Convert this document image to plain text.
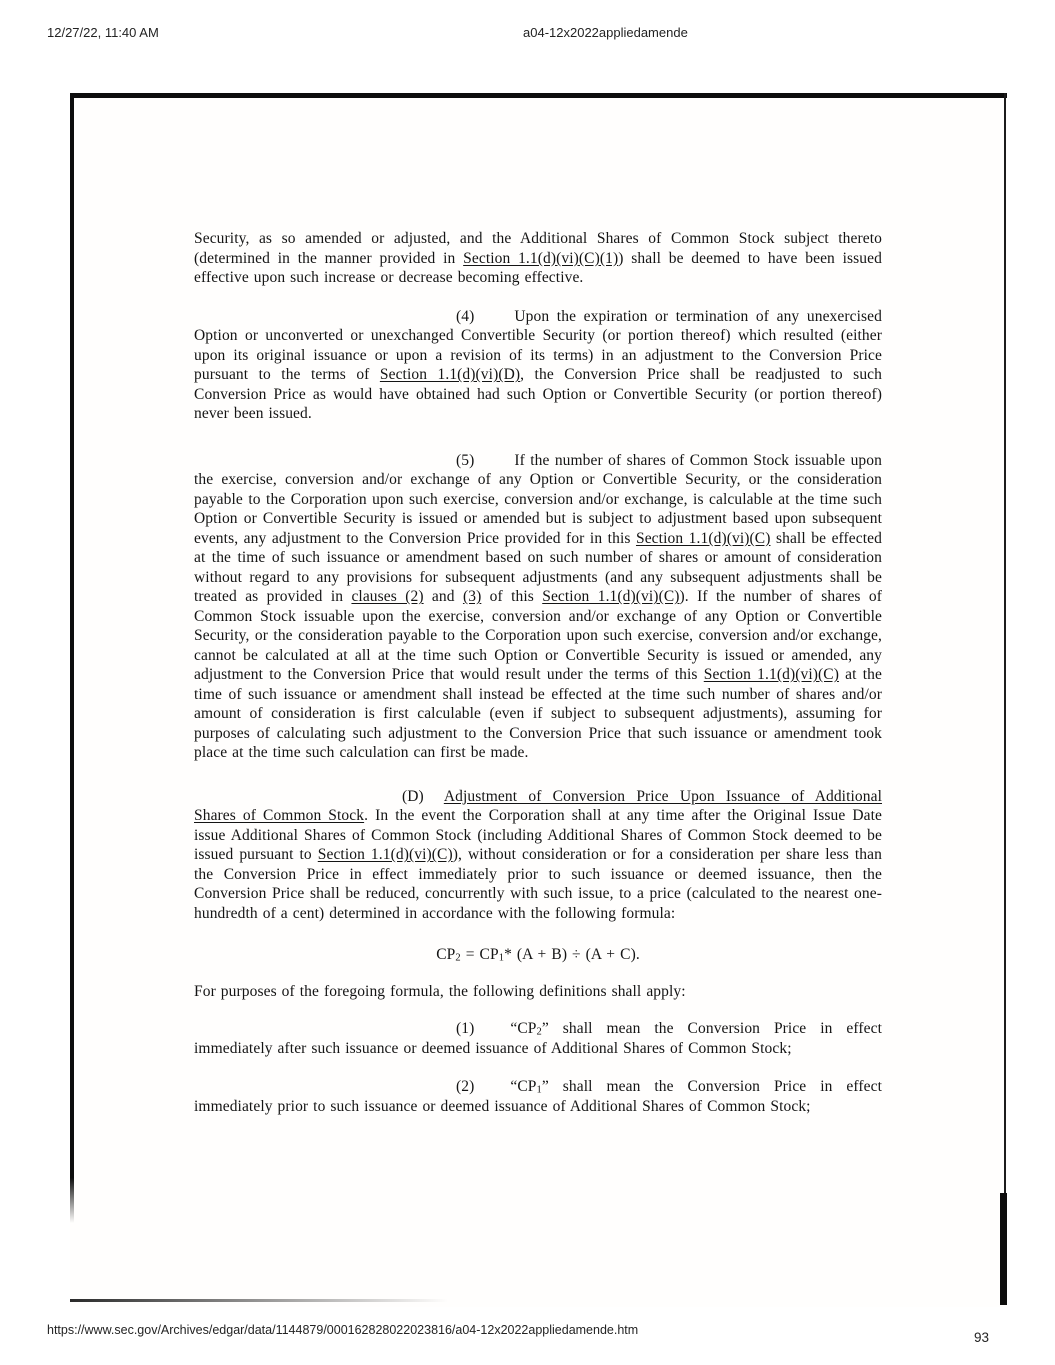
12/27/22, 11:40 AM	a04-12x2022appliedamende

Security, as so amended or adjusted, and the Additional Shares of Common Stock subject thereto (determined in the manner provided in Section 1.1(d)(vi)(C)(1)) shall be deemed to have been issued effective upon such increase or decrease becoming effective.

(4)	Upon the expiration or termination of any unexercised Option or unconverted or unexchanged Convertible Security (or portion thereof) which resulted (either upon its original issuance or upon a revision of its terms) in an adjustment to the Conversion Price pursuant to the terms of Section 1.1(d)(vi)(D), the Conversion Price shall be readjusted to such Conversion Price as would have obtained had such Option or Convertible Security (or portion thereof) never been issued.

(5)	If the number of shares of Common Stock issuable upon the exercise, conversion and/or exchange of any Option or Convertible Security, or the consideration payable to the Corporation upon such exercise, conversion and/or exchange, is calculable at the time such Option or Convertible Security is issued or amended but is subject to adjustment based upon subsequent events, any adjustment to the Conversion Price provided for in this Section 1.1(d)(vi)(C) shall be effected at the time of such issuance or amendment based on such number of shares or amount of consideration without regard to any provisions for subsequent adjustments (and any subsequent adjustments shall be treated as provided in clauses (2) and (3) of this Section 1.1(d)(vi)(C)). If the number of shares of Common Stock issuable upon the exercise, conversion and/or exchange of any Option or Convertible Security, or the consideration payable to the Corporation upon such exercise, conversion and/or exchange, cannot be calculated at all at the time such Option or Convertible Security is issued or amended, any adjustment to the Conversion Price that would result under the terms of this Section 1.1(d)(vi)(C) at the time of such issuance or amendment shall instead be effected at the time such number of shares and/or amount of consideration is first calculable (even if subject to subsequent adjustments), assuming for purposes of calculating such adjustment to the Conversion Price that such issuance or amendment took place at the time such calculation can first be made.

(D) Adjustment of Conversion Price Upon Issuance of Additional Shares of Common Stock. In the event the Corporation shall at any time after the Original Issue Date issue Additional Shares of Common Stock (including Additional Shares of Common Stock deemed to be issued pursuant to Section 1.1(d)(vi)(C)), without consideration or for a consideration per share less than the Conversion Price in effect immediately prior to such issuance or deemed issuance, then the Conversion Price shall be reduced, concurrently with such issue, to a price (calculated to the nearest one-hundredth of a cent) determined in accordance with the following formula:

$CP_2 = CP_1*$ (A + B) ÷ (A + C).

For purposes of the foregoing formula, the following definitions shall apply:

(1) “$CP_2$” shall mean the Conversion Price in effect immediately after such issuance or deemed issuance of Additional Shares of Common Stock;

(2) “$CP_1$” shall mean the Conversion Price in effect immediately prior to such issuance or deemed issuance of Additional Shares of Common Stock;

https://www.sec.gov/Archives/edgar/data/1144879/000162828022023816/a04-12x2022appliedamende.htm	93
